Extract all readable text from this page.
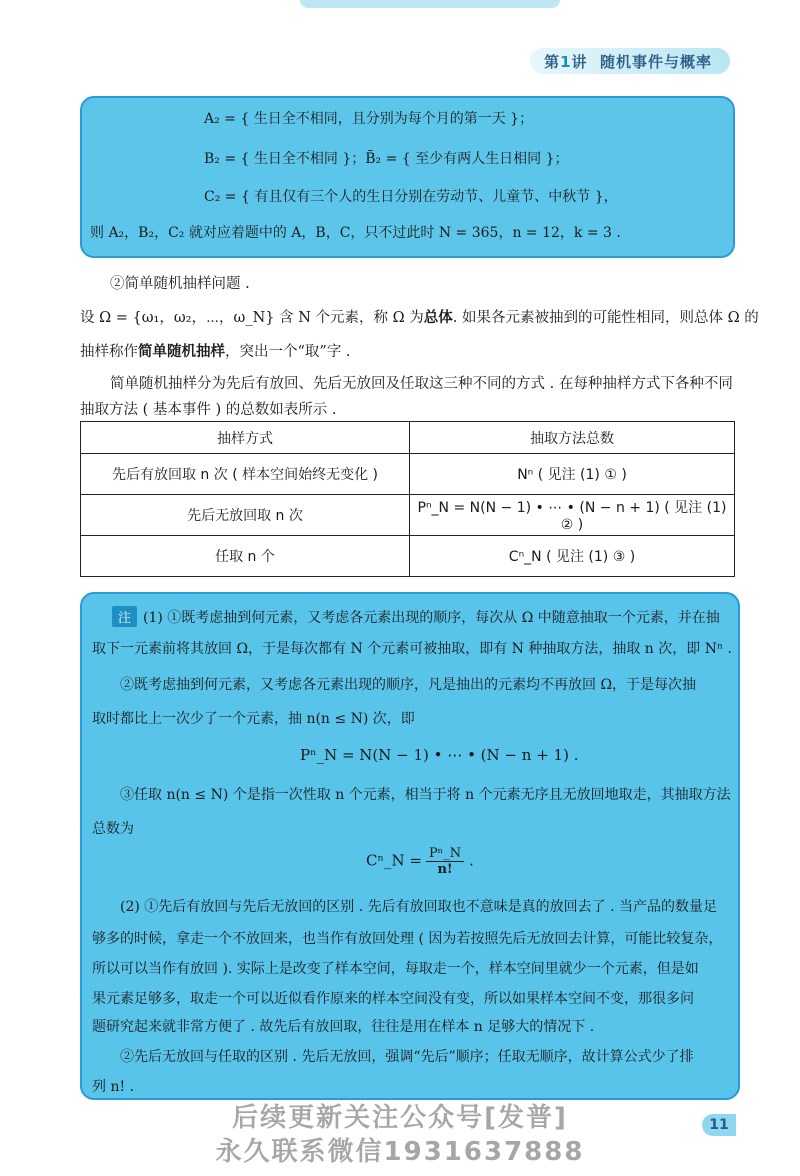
第1讲 随机事件与概率
A₂ = { 生日全不相同，且分别为每个月的第一天 }；
B₂ = { 生日全不相同 }；B̄₂ = { 至少有两人生日相同 }；
C₂ = { 有且仅有三个人的生日分别在劳动节、儿童节、中秋节 }，
则 A₂，B₂，C₂ 就对应着题中的 A，B，C，只不过此时 N = 365，n = 12，k = 3 .
②简单随机抽样问题 .
设 Ω = {ω₁，ω₂，⋯，ω_N} 含 N 个元素，称 Ω 为总体. 如果各元素被抽到的可能性相同，则总体 Ω 的
抽样称作简单随机抽样，突出一个“取”字 .
简单随机抽样分为先后有放回、先后无放回及任取这三种不同的方式 . 在每种抽样方式下各种不同
抽取方法 ( 基本事件 ) 的总数如表所示 .
抽样方式	抽取方法总数
先后有放回取 n 次 ( 样本空间始终无变化 )	Nⁿ ( 见注 (1) ① )
先后无放回取 n 次	Pⁿ_N = N(N − 1) • ⋯ • (N − n + 1) ( 见注 (1) ② )
任取 n 个	Cⁿ_N ( 见注 (1) ③ )
注 (1) ①既考虑抽到何元素，又考虑各元素出现的顺序，每次从 Ω 中随意抽取一个元素，并在抽
取下一元素前将其放回 Ω，于是每次都有 N 个元素可被抽取，即有 N 种抽取方法，抽取 n 次，即 Nⁿ .
②既考虑抽到何元素，又考虑各元素出现的顺序，凡是抽出的元素均不再放回 Ω，于是每次抽
取时都比上一次少了一个元素，抽 n(n ≤ N) 次，即
Pⁿ_N = N(N − 1) • ⋯ • (N − n + 1) .
③任取 n(n ≤ N) 个是指一次性取 n 个元素，相当于将 n 个元素无序且无放回地取走，其抽取方法
总数为
Cⁿ_N = $\frac{\text{Pⁿ\_N}}{n!}$ .
(2) ①先后有放回与先后无放回的区别 . 先后有放回取也不意味是真的放回去了 . 当产品的数量足
够多的时候，拿走一个不放回来，也当作有放回处理 ( 因为若按照先后无放回去计算，可能比较复杂，
所以可以当作有放回 ). 实际上是改变了样本空间，每取走一个，样本空间里就少一个元素，但是如
果元素足够多，取走一个可以近似看作原来的样本空间没有变，所以如果样本空间不变，那很多问
题研究起来就非常方便了 . 故先后有放回取，往往是用在样本 n 足够大的情况下 .
②先后无放回与任取的区别 . 先后无放回，强调“先后”顺序；任取无顺序，故计算公式少了排
列 n! .
后续更新关注公众号[发普]
永久联系微信1931637888
11
